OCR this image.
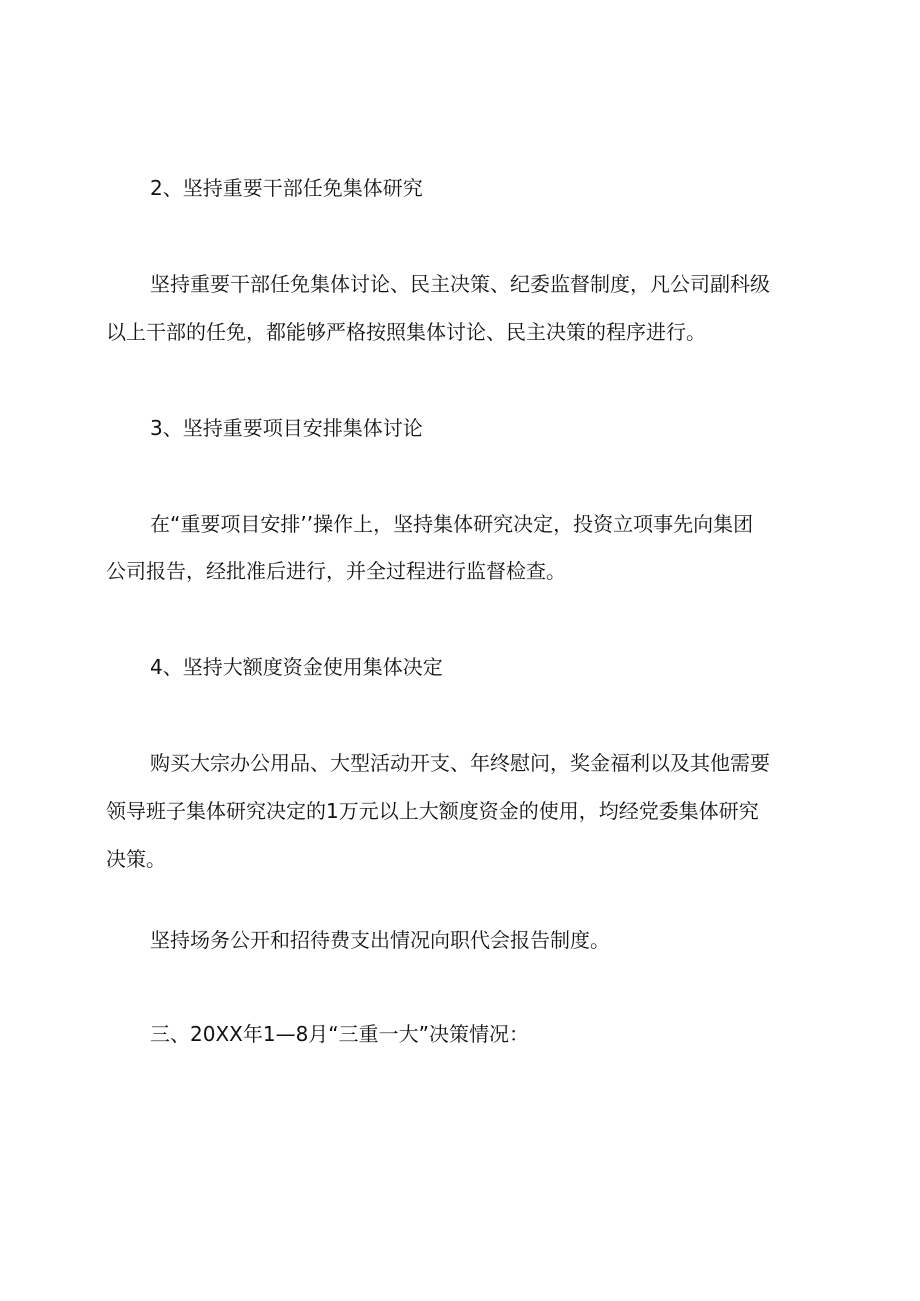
2、坚持重要干部任免集体研究
坚持重要干部任免集体讨论、民主决策、纪委监督制度，凡公司副科级
以上干部的任免，都能够严格按照集体讨论、民主决策的程序进行。
3、坚持重要项目安排集体讨论
在“重要项目安排’’操作上，坚持集体研究决定，投资立项事先向集团
公司报告，经批准后进行，并全过程进行监督检查。
4、坚持大额度资金使用集体决定
购买大宗办公用品、大型活动开支、年终慰问，奖金福利以及其他需要
领导班子集体研究决定的1万元以上大额度资金的使用，均经党委集体研究
决策。
坚持场务公开和招待费支出情况向职代会报告制度。
三、20XX年1—8月“三重一大”决策情况：
